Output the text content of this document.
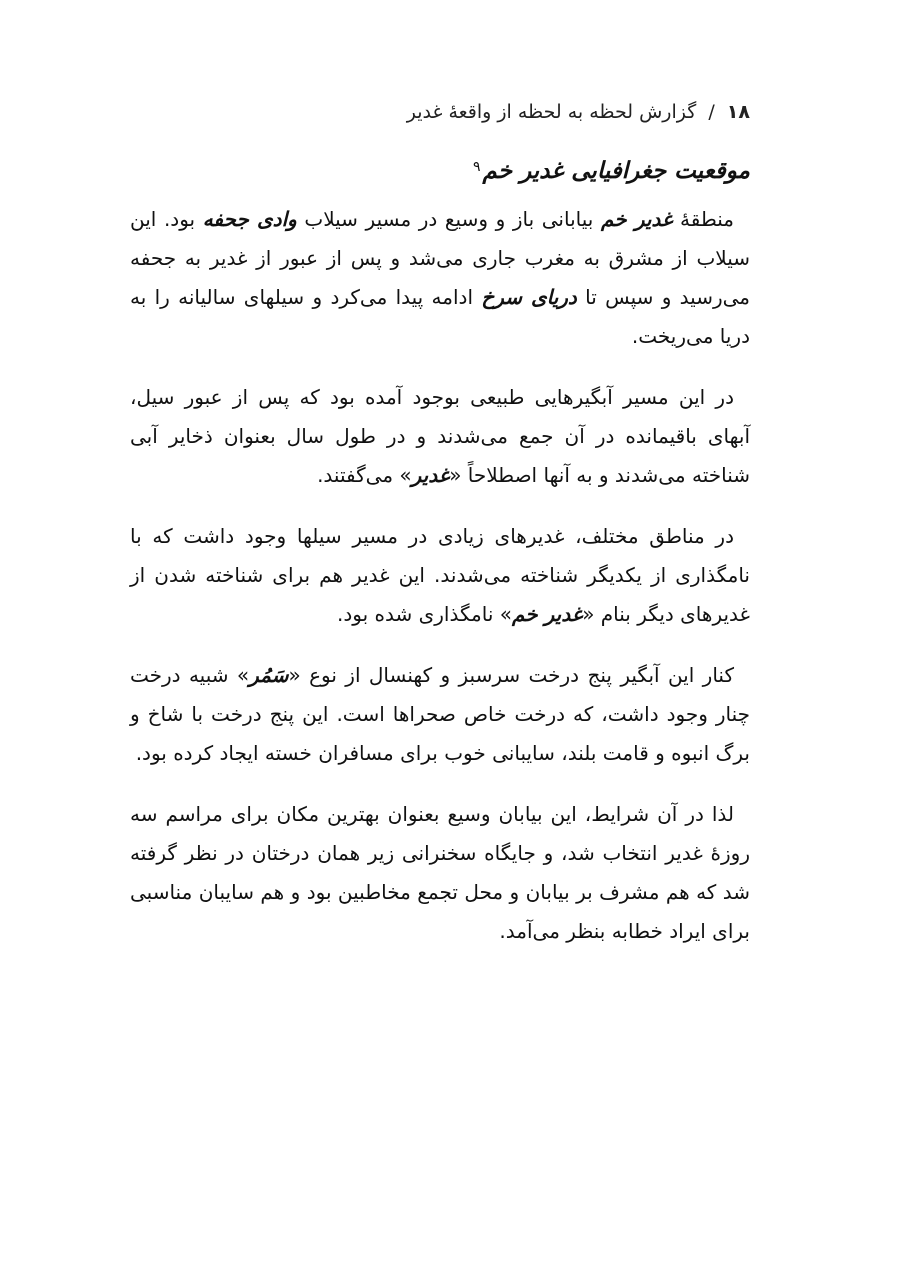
۱۸ / گزارش لحظه به لحظه از واقعهٔ غدیر
موقعیت جغرافیایی غدیر خم$^۹$

منطقهٔ غدیر خم بیابانی باز و وسیع در مسیر سیلاب وادی جحفه بود. این سیلاب از مشرق به مغرب جاری می‌شد و پس از عبور از غدیر به جحفه می‌رسید و سپس تا دریای سرخ ادامه پیدا می‌کرد و سیلهای سالیانه را به دریا می‌ریخت.

در این مسیر آبگیرهایی طبیعی بوجود آمده بود که پس از عبور سیل، آبهای باقیمانده در آن جمع می‌شدند و در طول سال بعنوان ذخایر آبی شناخته می‌شدند و به آنها اصطلاحاً «غدیر» می‌گفتند.

در مناطق مختلف، غدیرهای زیادی در مسیر سیلها وجود داشت که با نامگذاری از یکدیگر شناخته می‌شدند. این غدیر هم برای شناخته شدن از غدیرهای دیگر بنام «غدیر خم» نامگذاری شده بود.

کنار این آبگیر پنج درخت سرسبز و کهنسال از نوع «سَمُر» شبیه درخت چنار وجود داشت، که درخت خاص صحراها است. این پنج درخت با شاخ و برگ انبوه و قامت بلند، سایبانی خوب برای مسافران خسته ایجاد کرده بود.

لذا در آن شرایط، این بیابان وسیع بعنوان بهترین مکان برای مراسم سه روزهٔ غدیر انتخاب شد، و جایگاه سخنرانی زیر همان درختان در نظر گرفته شد که هم مشرف بر بیابان و محل تجمع مخاطبین بود و هم سایبان مناسبی برای ایراد خطابه بنظر می‌آمد.
